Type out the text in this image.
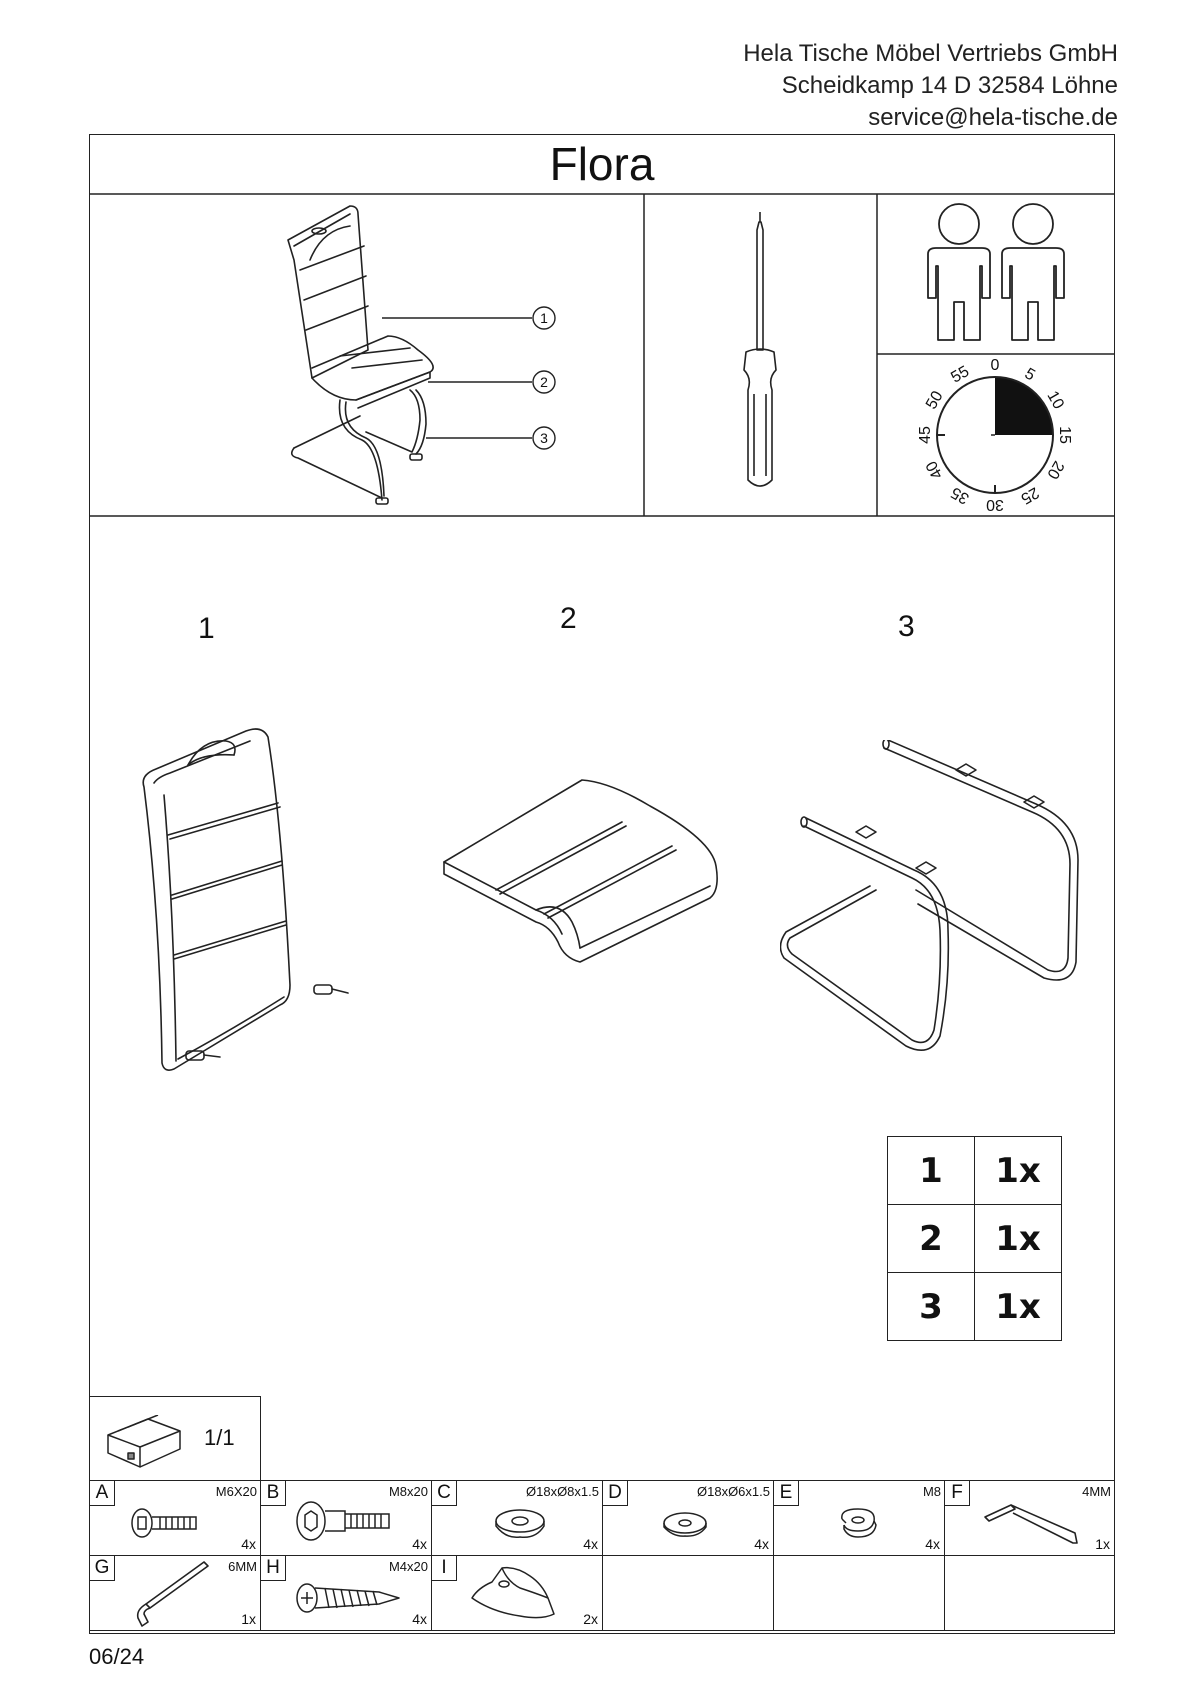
Hela Tische Möbel Vertriebs GmbH
Scheidkamp 14 D 32584 Löhne
service@hela-tische.de
Flora
1
2
3
0 5
10
15
20
25
30
35
40
45
50
55
1	2	3
1	1x
2	1x
3	1x
1/1
A	M6X20
4x
B	M8x20
4x
C	Ø18xØ8x1.5
4x
D	Ø18xØ6x1.5
4x
E	M8
4x
F	4MM
1x
G	6MM
1x
H	M4x20
4x
I
2x
06/24
